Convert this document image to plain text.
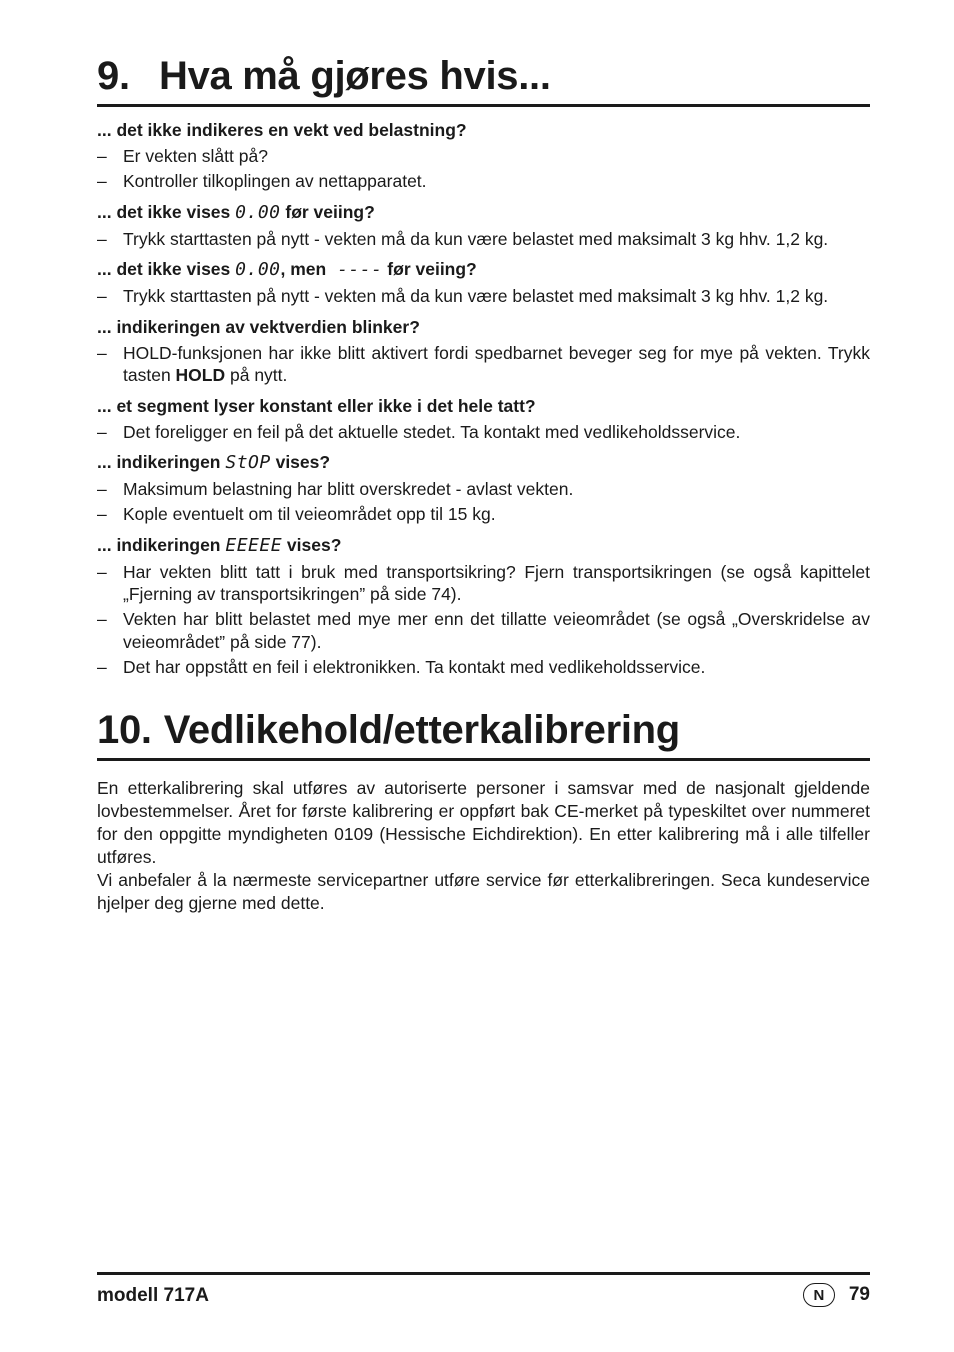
9. Hva må gjøres hvis...

... det ikke indikeres en vekt ved belastning?

– Er vekten slått på?
– Kontroller tilkoplingen av nettapparatet.

... det ikke vises 0.00 før veiing?

– Trykk starttasten på nytt - vekten må da kun være belastet med maksimalt 3 kg hhv. 1,2 kg.

... det ikke vises 0.00, men ---- før veiing?

– Trykk starttasten på nytt - vekten må da kun være belastet med maksimalt 3 kg hhv. 1,2 kg.

... indikeringen av vektverdien blinker?

– HOLD-funksjonen har ikke blitt aktivert fordi spedbarnet beveger seg for mye på vekten. Trykk tasten HOLD på nytt.

... et segment lyser konstant eller ikke i det hele tatt?

– Det foreligger en feil på det aktuelle stedet. Ta kontakt med vedlikeholdsservice.

... indikeringen StOP vises?

– Maksimum belastning har blitt overskredet - avlast vekten.
– Kople eventuelt om til veieområdet opp til 15 kg.

... indikeringen EEEEE vises?

– Har vekten blitt tatt i bruk med transportsikring? Fjern transportsikringen (se også kapittelet „Fjerning av transportsikringen” på side 74).
– Vekten har blitt belastet med mye mer enn det tillatte veieområdet (se også „Overskridelse av veieområdet” på side 77).
– Det har oppstått en feil i elektronikken. Ta kontakt med vedlikeholdsservice.
10. Vedlikehold/etterkalibrering

En etterkalibrering skal utføres av autoriserte personer i samsvar med de nasjonalt gjeldende lovbestemmelser. Året for første kalibrering er oppført bak CE-merket på typeskiltet over nummeret for den oppgitte myndigheten 0109 (Hessische Eichdirektion). En etter kalibrering må i alle tilfeller utføres.

Vi anbefaler å la nærmeste servicepartner utføre service før etterkalibreringen. Seca kundeservice hjelper deg gjerne med dette.

modell 717A	N	79
